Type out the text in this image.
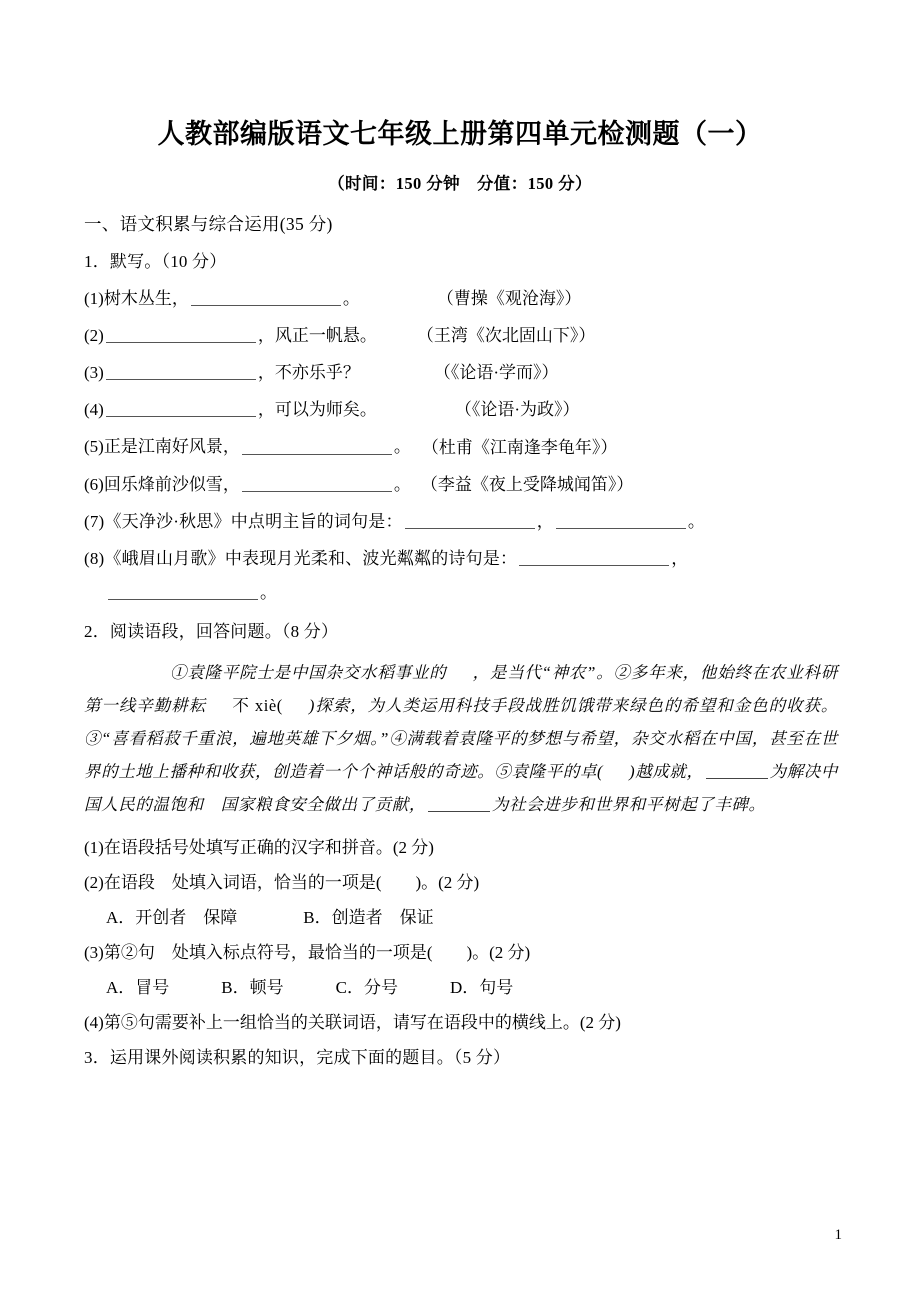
人教部编版语文七年级上册第四单元检测题（一）
（时间：150 分钟　分值：150 分）
一、语文积累与综合运用(35 分)
1．默写。（10 分）
(1)树木丛生，	。	（曹操《观沧海》）
(2)	，风正一帆悬。 （王湾《次北固山下》）
(3)	，不亦乐乎？	（《论语·学而》）
(4)	，可以为师矣。	（《论语·为政》）
(5)正是江南好风景，	。 （杜甫《江南逢李龟年》）
(6)回乐烽前沙似雪，	。 （李益《夜上受降城闻笛》）
(7)《天净沙·秋思》中点明主旨的词句是：	，	。
(8)《峨眉山月歌》中表现月光柔和、波光粼粼的诗句是：	，
。
2．阅读语段，回答问题。（8 分）
①袁隆平院士是中国杂交水稻事业的 ，是当代“神农”。②多年来，他始终在农业科研第一线辛勤耕耘 不 xiè( )探索，为人类运用科技手段战胜饥饿带来绿色的希望和金色的收获。③“喜看稻菽千重浪，遍地英雄下夕烟。”④满载着袁隆平的梦想与希望，杂交水稻在中国，甚至在世界的土地上播种和收获，创造着一个个神话般的奇迹。⑤袁隆平的卓( )越成就，	为解决中国人民的温饱和　国家粮食安全做出了贡献，	为社会进步和世界和平树起了丰碑。
(1)在语段括号处填写正确的汉字和拼音。(2 分)
(2)在语段　处填入词语，恰当的一项是(　　)。(2 分)
A．开创者　保障	B．创造者　保证
(3)第②句　处填入标点符号，最恰当的一项是(　　)。(2 分)
A．冒号	B．顿号	C．分号	D．句号
(4)第⑤句需要补上一组恰当的关联词语，请写在语段中的横线上。(2 分)
3．运用课外阅读积累的知识，完成下面的题目。（5 分）
1
